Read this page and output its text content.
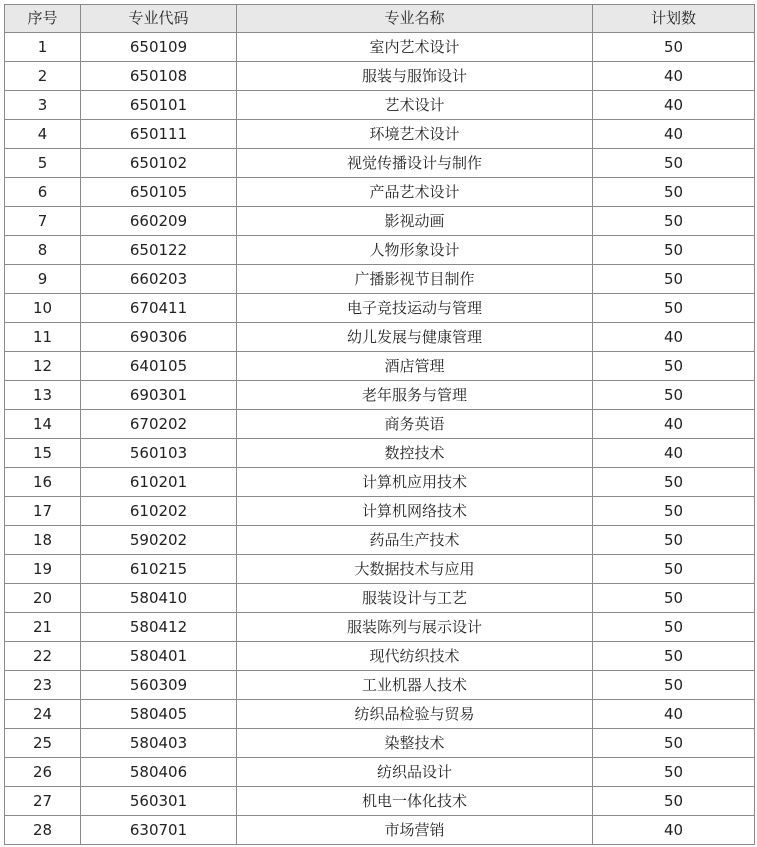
序号	专业代码	专业名称	计划数
1	650109	室内艺术设计	50
2	650108	服装与服饰设计	40
3	650101	艺术设计	40
4	650111	环境艺术设计	40
5	650102	视觉传播设计与制作	50
6	650105	产品艺术设计	50
7	660209	影视动画	50
8	650122	人物形象设计	50
9	660203	广播影视节目制作	50
10	670411	电子竞技运动与管理	50
11	690306	幼儿发展与健康管理	40
12	640105	酒店管理	50
13	690301	老年服务与管理	50
14	670202	商务英语	40
15	560103	数控技术	40
16	610201	计算机应用技术	50
17	610202	计算机网络技术	50
18	590202	药品生产技术	50
19	610215	大数据技术与应用	50
20	580410	服装设计与工艺	50
21	580412	服装陈列与展示设计	50
22	580401	现代纺织技术	50
23	560309	工业机器人技术	50
24	580405	纺织品检验与贸易	40
25	580403	染整技术	50
26	580406	纺织品设计	50
27	560301	机电一体化技术	50
28	630701	市场营销	40
